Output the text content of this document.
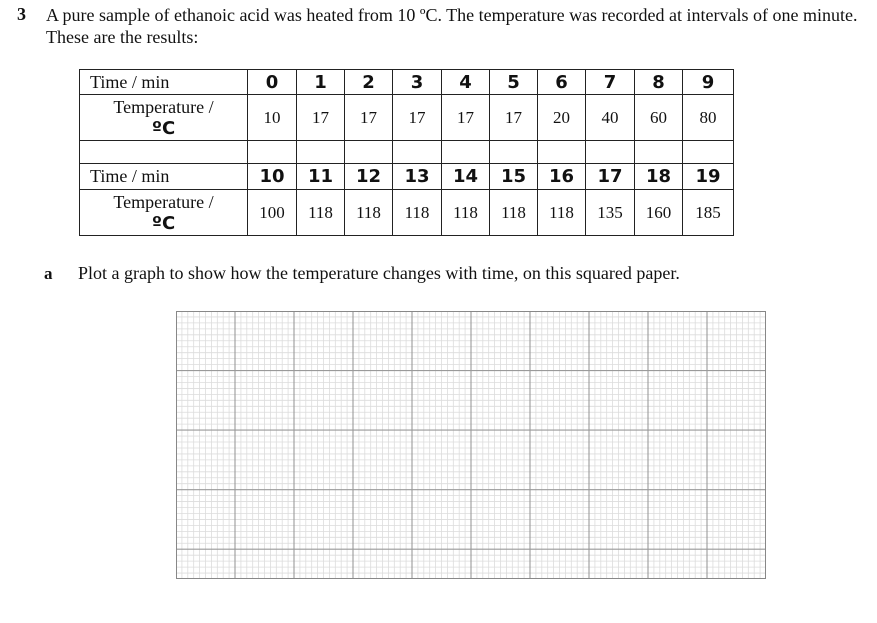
3 A pure sample of ethanoic acid was heated from 10 ºC. The temperature was recorded at intervals of one minute. These are the results:
Time / min	0	1	2	3	4	5	6	7	8	9

Temperature /
ºC	10	17	17	17	17	17	20	40	60	80

Time / min	10	11	12	13	14	15	16	17	18	19

Temperature /
ºC	100	118	118	118	118	118	118	135	160	185
a Plot a graph to show how the temperature changes with time, on this squared paper.
